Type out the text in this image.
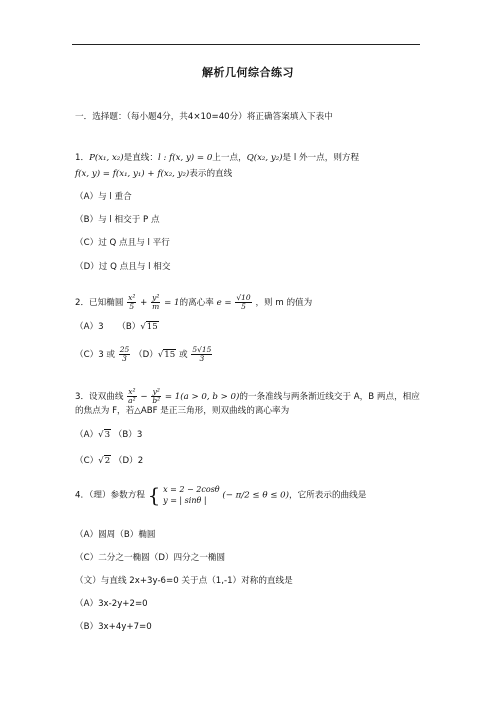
解析几何综合练习
一．选择题：（每小题4分，共4×10=40分）将正确答案填入下表中
1．P(x₁, x₂)是直线：l : f(x, y) = 0上一点，Q(x₂, y₂)是 l 外一点，则方程
f(x, y) = f(x₁, y₁) + f(x₂, y₂)表示的直线
（A）与 l 重合
（B）与 l 相交于 P 点
（C）过 Q 点且与 l 平行
（D）过 Q 点且与 l 相交
2．已知椭圆 $\frac{\text{x²}}{5} + \frac{\text{y²}}{m} = 1$的离心率 $e = \frac{√10}{5}$ ，则 m 的值为
（A）3 （B）√15
（C）3 或 $\frac{25}{3} (D)√15$ 或 $\frac{5√15}{3}$
3．设双曲线 $\frac{\text{x²}}{\text{a²}} - \frac{\text{y²}}{\text{b²}} = 1(a > 0$, b > 0)的一条准线与两条渐近线交于 A，B 两点，相应
的焦点为 F，若△ABF 是正三角形，则双曲线的离心率为
（A）√3 （B）3
（C）√2 （D）2
4．（理）参数方程 { x = 2 − 2cosθ
y = | sinθ |	(− π/2 ≤ θ ≤ 0)，它所表示的曲线是
（A）圆周（B）椭圆
（C）二分之一椭圆（D）四分之一椭圆
（文）与直线 2x+3y-6=0 关于点（1,-1）对称的直线是
（A）3x-2y+2=0
（B）3x+4y+7=0
